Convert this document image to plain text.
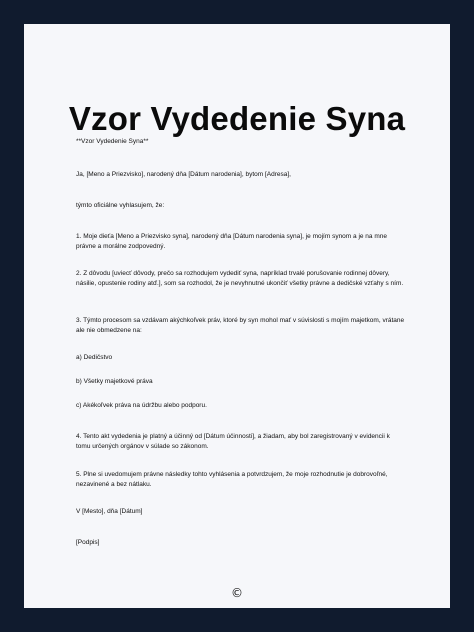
Vzor Vydedenie Syna

**Vzor Vydedenie Syna**

Ja, [Meno a Priezvisko], narodený dňa [Dátum narodenia], bytom [Adresa],

týmto oficiálne vyhlasujem, že:

1. Moje dieťa [Meno a Priezvisko syna], narodený dňa [Dátum narodenia syna], je mojím synom a je na mne právne a morálne zodpovedný.

2. Z dôvodu [uvieсť dôvody, prečo sa rozhodujem vydediť syna, napríklad trvalé porušovanie rodinnej dôvery, násilie, opustenie rodiny atď.], som sa rozhodol, že je nevyhnutné ukončiť všetky právne a dedičské vzťahy s ním.

3. Týmto procesom sa vzdávam akýchkoľvek práv, ktoré by syn mohol mať v súvislosti s mojím majetkom, vrátane ale nie obmedzene na:

a) Dedičstvo

b) Všetky majetkové práva

c) Akékoľvek práva na údržbu alebo podporu.

4. Tento akt vydedenia je platný a účinný od [Dátum účinnosti], a žiadam, aby bol zaregistrovaný v evidencii k tomu určených orgánov v súlade so zákonom.

5. Plne si uvedomujem právne následky tohto vyhlásenia a potvrdzujem, že moje rozhodnutie je dobrovoľné, nezavinené a bez nátlaku.

V [Mesto], dňa [Dátum]

[Podpis]

©
